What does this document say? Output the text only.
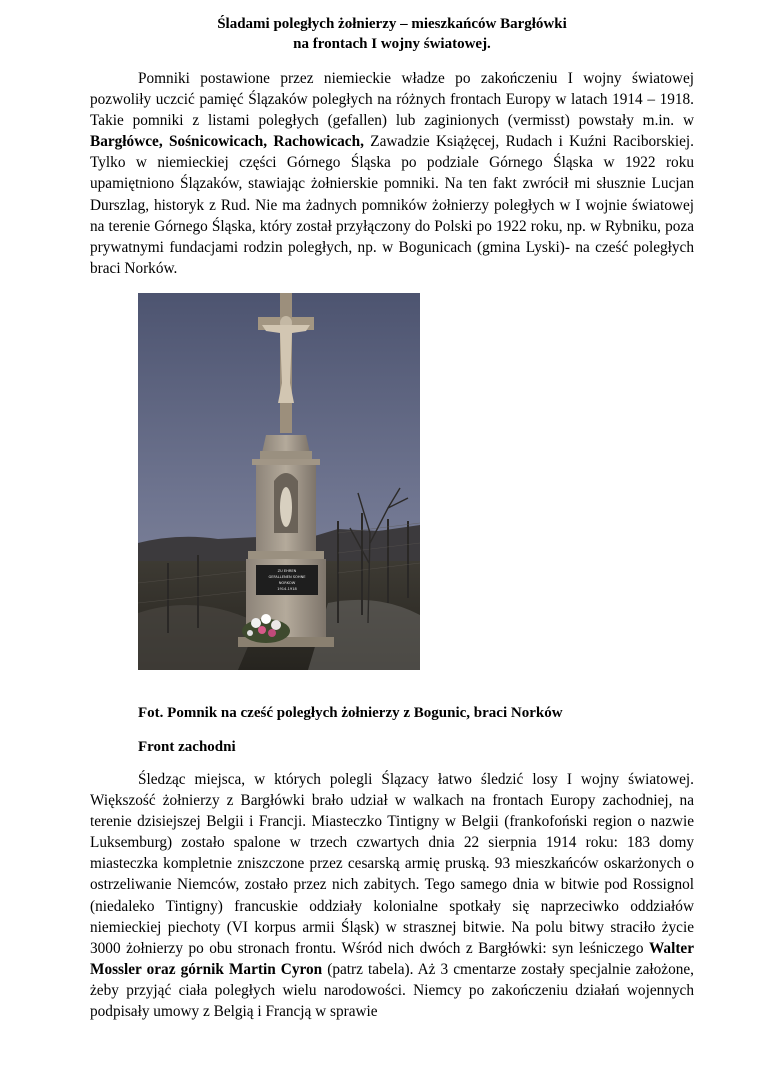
Śladami poległych żołnierzy – mieszkańców Bargłówki
na frontach I wojny światowej.

Pomniki postawione przez niemieckie władze po zakończeniu I wojny światowej pozwoliły uczcić pamięć Ślązaków poległych na różnych frontach Europy w latach 1914 – 1918. Takie pomniki z listami poległych (gefallen) lub zaginionych (vermisst) powstały m.in. w Bargłówce, Sośnicowicach, Rachowicach, Zawadzie Książęcej, Rudach i Kuźni Raciborskiej. Tylko w niemieckiej części Górnego Śląska po podziale Górnego Śląska w 1922 roku upamiętniono Ślązaków, stawiając żołnierskie pomniki. Na ten fakt zwrócił mi słusznie Lucjan Durszlag, historyk z Rud. Nie ma żadnych pomników żołnierzy poległych w I wojnie światowej na terenie Górnego Śląska, który został przyłączony do Polski po 1922 roku, np. w Rybniku, poza prywatnymi fundacjami rodzin poległych, np. w Bogunicach (gmina Lyski)- na cześć poległych braci Norków.

ZU EHREN
GEFALLENEN SOHNE
NORKOW
1914-1918
Fot. Pomnik na cześć poległych żołnierzy z Bogunic, braci Norków
Front zachodni

Śledząc miejsca, w których polegli Ślązacy łatwo śledzić losy I wojny światowej. Większość żołnierzy z Bargłówki brało udział w walkach na frontach Europy zachodniej, na terenie dzisiejszej Belgii i Francji. Miasteczko Tintigny w Belgii (frankofoński region o nazwie Luksemburg) zostało spalone w trzech czwartych dnia 22 sierpnia 1914 roku: 183 domy miasteczka kompletnie zniszczone przez cesarską armię pruską. 93 mieszkańców oskarżonych o ostrzeliwanie Niemców, zostało przez nich zabitych. Tego samego dnia w bitwie pod Rossignol (niedaleko Tintigny) francuskie oddziały kolonialne spotkały się naprzeciwko oddziałów niemieckiej piechoty (VI korpus armii Śląsk) w strasznej bitwie. Na polu bitwy straciło życie 3000 żołnierzy po obu stronach frontu. Wśród nich dwóch z Bargłówki: syn leśniczego Walter Mossler oraz górnik Martin Cyron (patrz tabela). Aż 3 cmentarze zostały specjalnie założone, żeby przyjąć ciała poległych wielu narodowości. Niemcy po zakończeniu działań wojennych podpisały umowy z Belgią i Francją w sprawie
